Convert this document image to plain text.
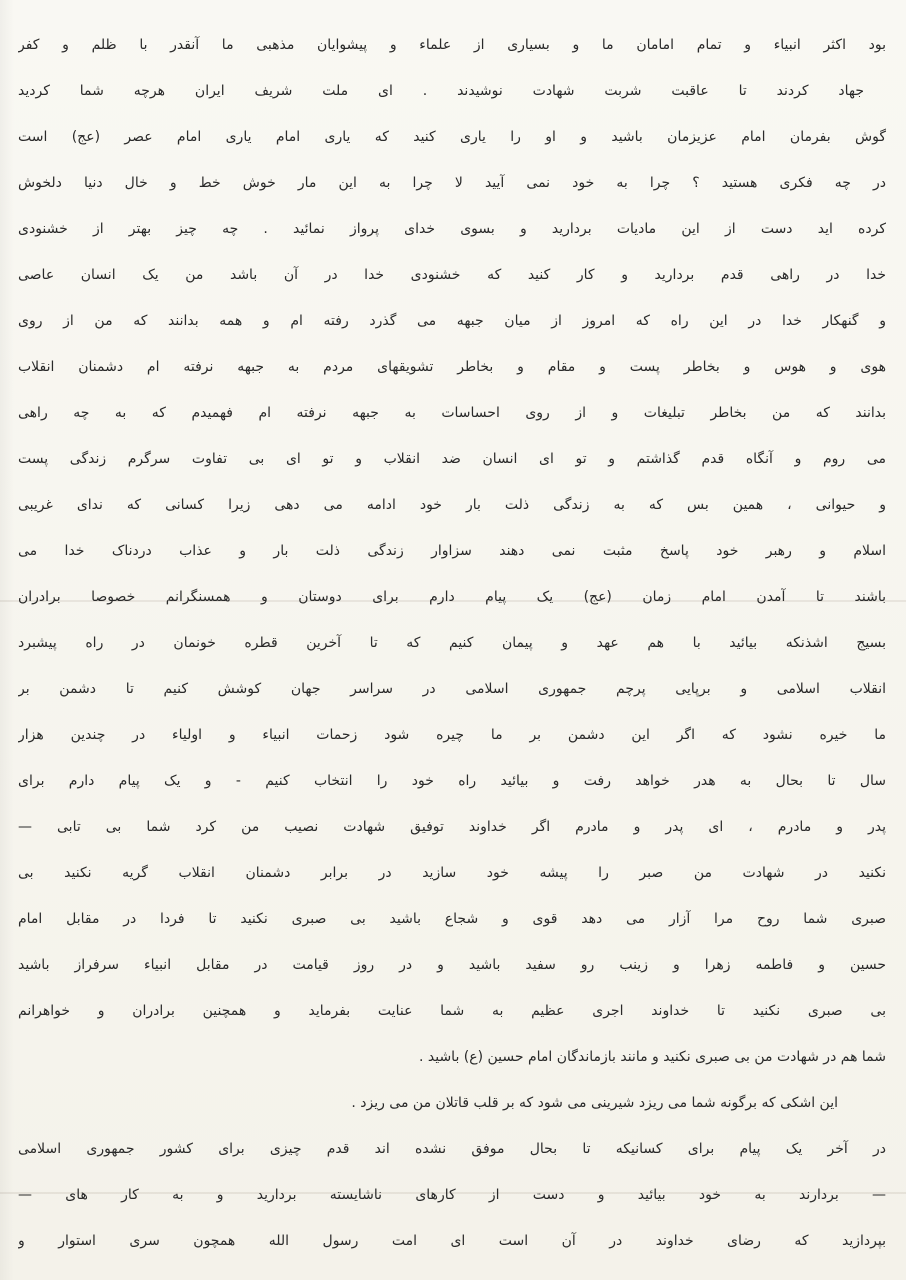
بود اکثر انبیاء و تمام امامان ما و بسیاری از علماء و پیشوایان مذهبی ما آنقدر با ظلم و کفر
جهاد کردند تا عاقبت شربت شهادت نوشیدند . ای ملت شریف ایران هرچه شما کردید
گوش بفرمان امام عزیزمان باشید و او را یاری کنید که یاری امام یاری امام عصر (عج) است
در چه فکری هستید ؟ چرا به خود نمی آیید لا چرا به این مار خوش خط و خال دنیا دلخوش
کرده اید دست از این مادیات بردارید و بسوی خدای پرواز نمائید . چه چیز بهتر از خشنودی
خدا در راهی قدم بردارید و کار کنید که خشنودی خدا در آن باشد من یک انسان عاصی
و گنهکار خدا در این راه که امروز از میان جبهه می گذرد رفته ام و همه بدانند که من از روی
هوی و هوس و بخاطر پست و مقام و بخاطر تشویقهای مردم به جبهه نرفته ام دشمنان انقلاب
بدانند که من بخاطر تبلیغات و از روی احساسات به جبهه نرفته ام فهمیدم که به چه راهی
می روم و آنگاه قدم گذاشتم و تو ای انسان ضد انقلاب و تو ای بی تفاوت سرگرم زندگی پست
و حیوانی ، همین بس که به زندگی ذلت بار خود ادامه می دهی زیرا کسانی که ندای غریبی
اسلام و رهبر خود پاسخ مثبت نمی دهند سزاوار زندگی ذلت بار و عذاب دردناک خدا می
باشند تا آمدن امام زمان (عج) یک پیام دارم برای دوستان و همسنگرانم خصوصا برادران
بسیج اشذنکه بیائید با هم عهد و پیمان کنیم که تا آخرین قطره خونمان در راه پیشبرد
انقلاب اسلامی و برپایی پرچم جمهوری اسلامی در سراسر جهان کوشش کنیم تا دشمن بر
ما خیره نشود که اگر این دشمن بر ما چیره شود زحمات انبیاء و اولیاء در چندین هزار
سال تا بحال به هدر خواهد رفت و بیائید راه خود را انتخاب کنیم - و یک پیام دارم برای
پدر و مادرم ، ای پدر و مادرم اگر خداوند توفیق شهادت نصیب من کرد شما بی تابی —
نکنید در شهادت من صبر را پیشه خود سازید در برابر دشمنان انقلاب گریه نکنید بی
صبری شما روح مرا آزار می دهد قوی و شجاع باشید بی صبری نکنید تا فردا در مقابل امام
حسین و فاطمه زهرا و زینب رو سفید باشید و در روز قیامت در مقابل انبیاء سرفراز باشید
بی صبری نکنید تا خداوند اجری عظیم به شما عنایت بفرماید و همچنین برادران و خواهرانم
شما هم در شهادت من بی صبری نکنید و مانند بازماندگان امام حسین (ع) باشید .
این اشکی که برگونه شما می ریزد شیرینی می شود که بر قلب قاتلان من می ریزد .
در آخر یک پیام برای کسانیکه تا بحال موفق نشده اند قدم چیزی برای کشور جمهوری اسلامی
— بردارند به خود بیائید و دست از کارهای ناشایسته بردارید و به کار های —
بپردازید که رضای خداوند در آن است ای امت رسول الله همچون سری استوار و
